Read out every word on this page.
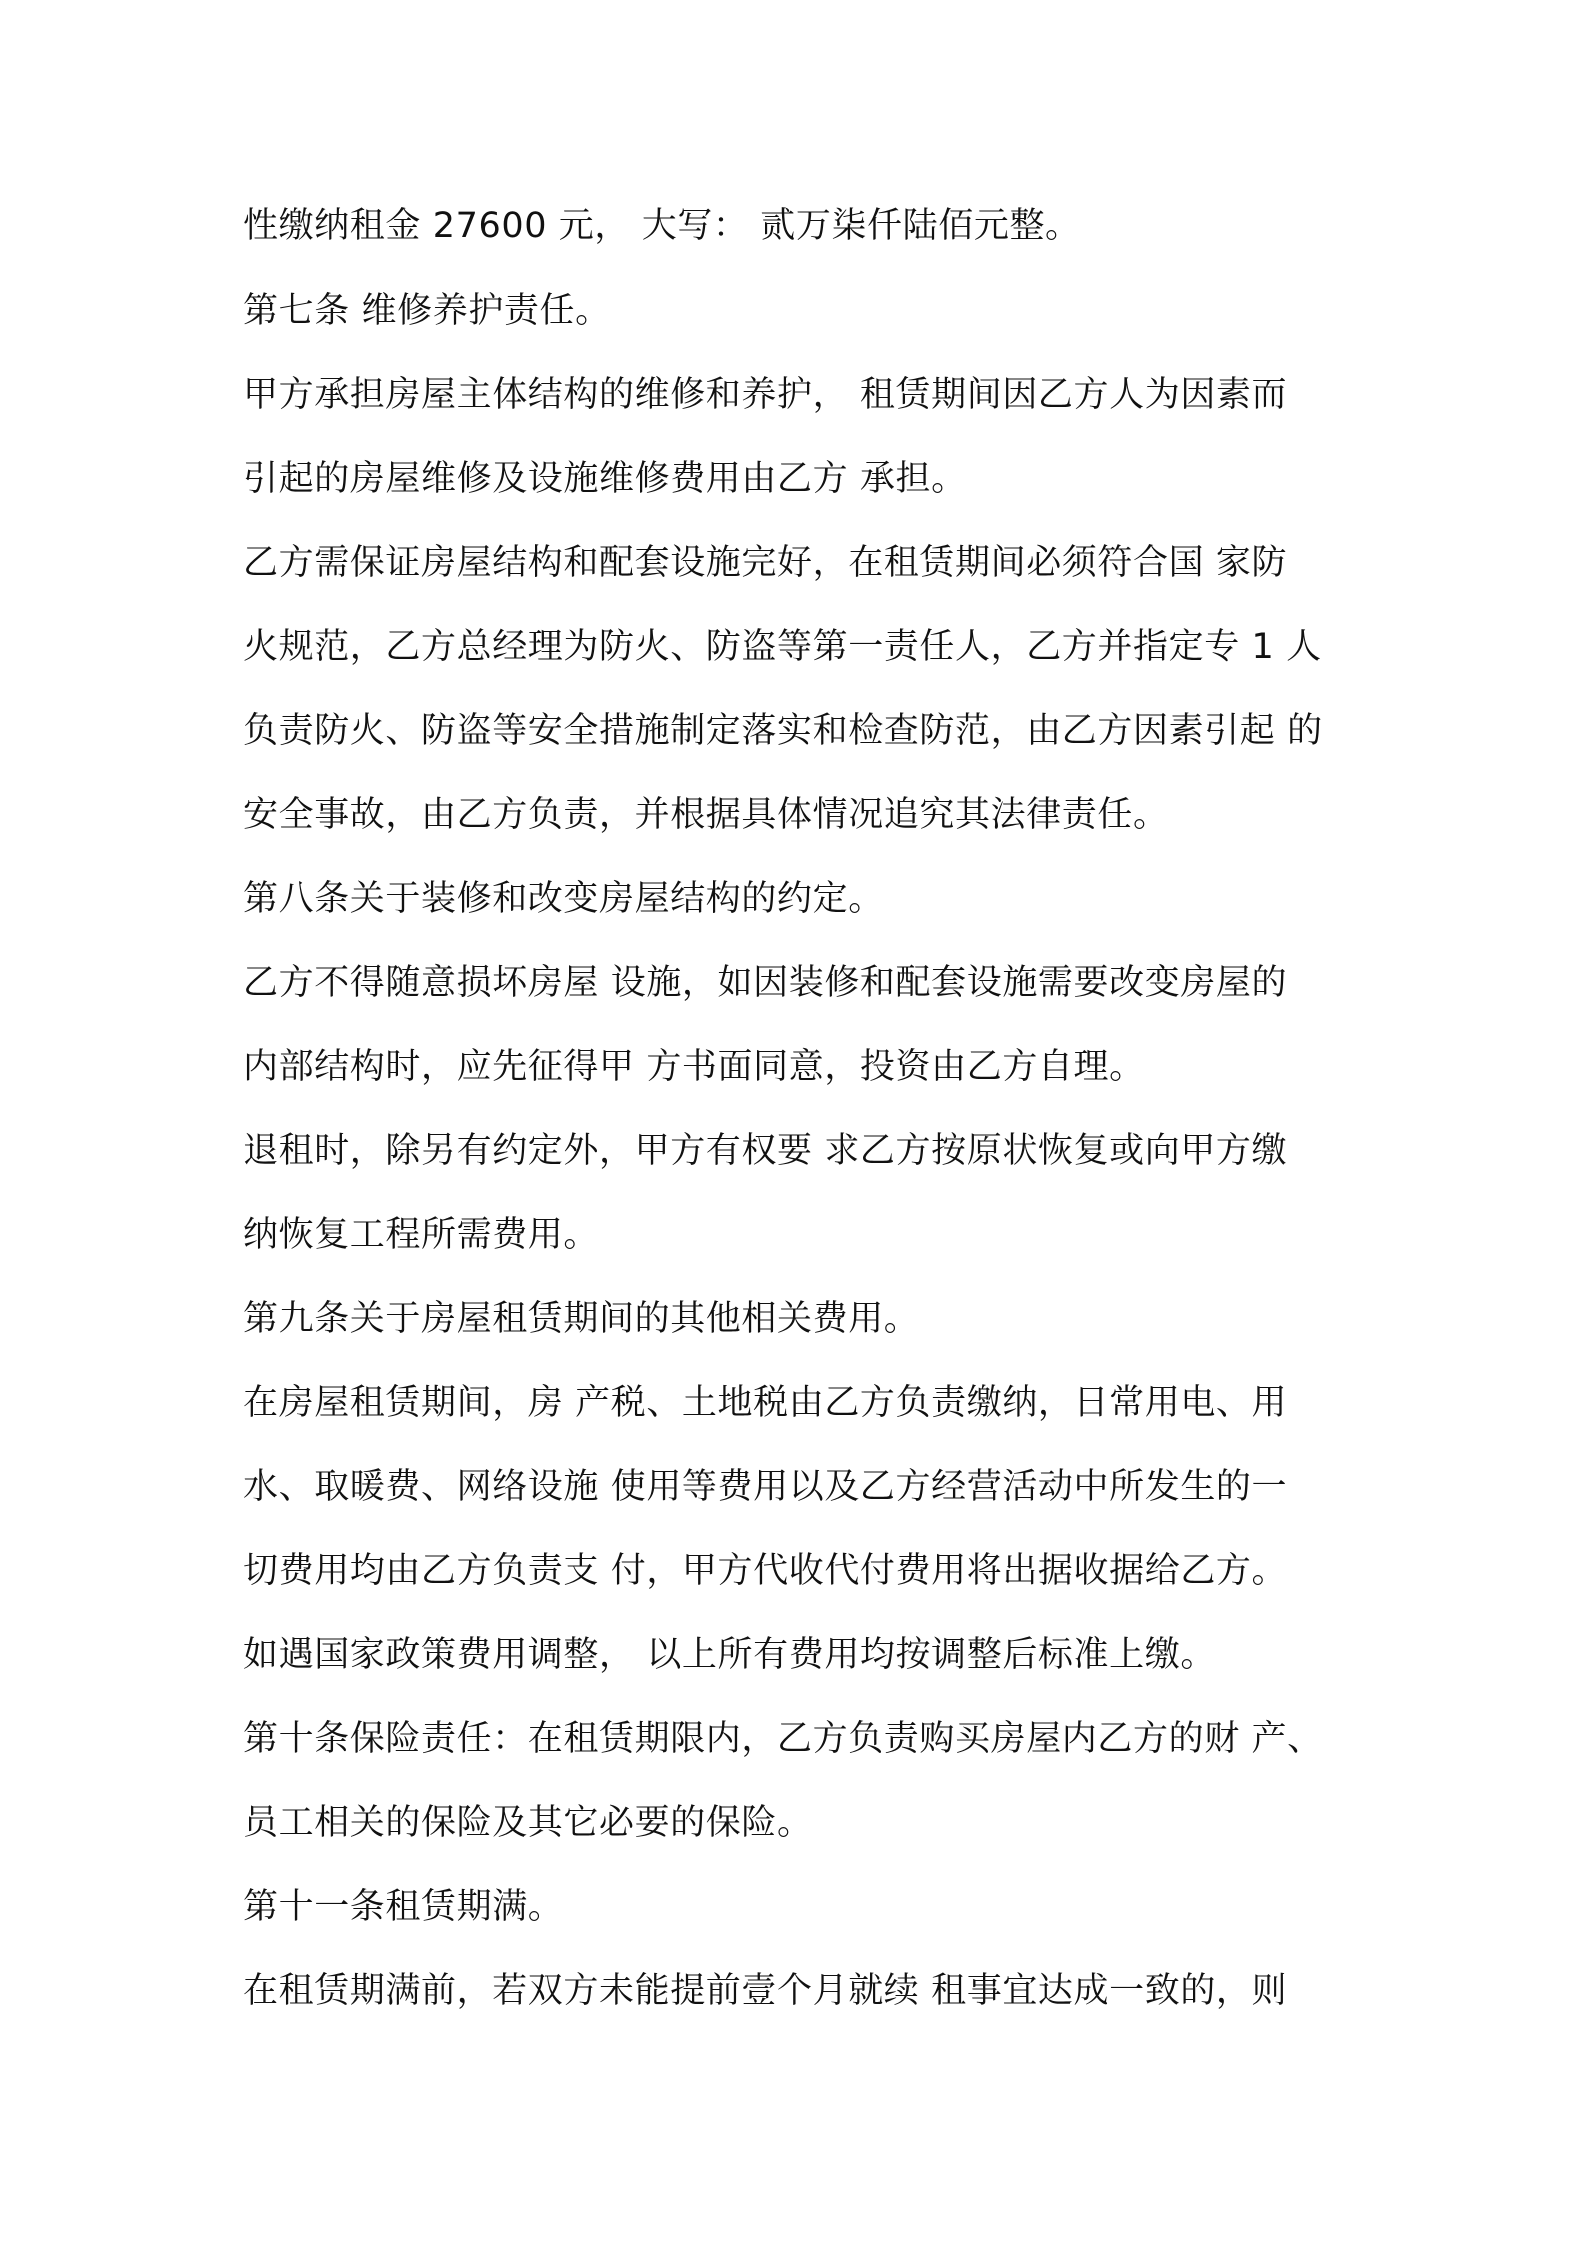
性缴纳租金 27600 元， 大写： 贰万柒仟陆佰元整。
第七条 维修养护责任。
甲方承担房屋主体结构的维修和养护， 租赁期间因乙方人为因素而
引起的房屋维修及设施维修费用由乙方 承担。
乙方需保证房屋结构和配套设施完好，在租赁期间必须符合国 家防
火规范，乙方总经理为防火、防盗等第一责任人，乙方并指定专 1 人
负责防火、防盗等安全措施制定落实和检查防范，由乙方因素引起 的
安全事故，由乙方负责，并根据具体情况追究其法律责任。
第八条关于装修和改变房屋结构的约定。
乙方不得随意损坏房屋 设施，如因装修和配套设施需要改变房屋的
内部结构时，应先征得甲 方书面同意，投资由乙方自理。
退租时，除另有约定外，甲方有权要 求乙方按原状恢复或向甲方缴
纳恢复工程所需费用。
第九条关于房屋租赁期间的其他相关费用。
在房屋租赁期间，房 产税、土地税由乙方负责缴纳，日常用电、用
水、取暖费、网络设施 使用等费用以及乙方经营活动中所发生的一
切费用均由乙方负责支 付，甲方代收代付费用将出据收据给乙方。
如遇国家政策费用调整， 以上所有费用均按调整后标准上缴。
第十条保险责任：在租赁期限内，乙方负责购买房屋内乙方的财 产、
员工相关的保险及其它必要的保险。
第十一条租赁期满。
在租赁期满前，若双方未能提前壹个月就续 租事宜达成一致的，则
